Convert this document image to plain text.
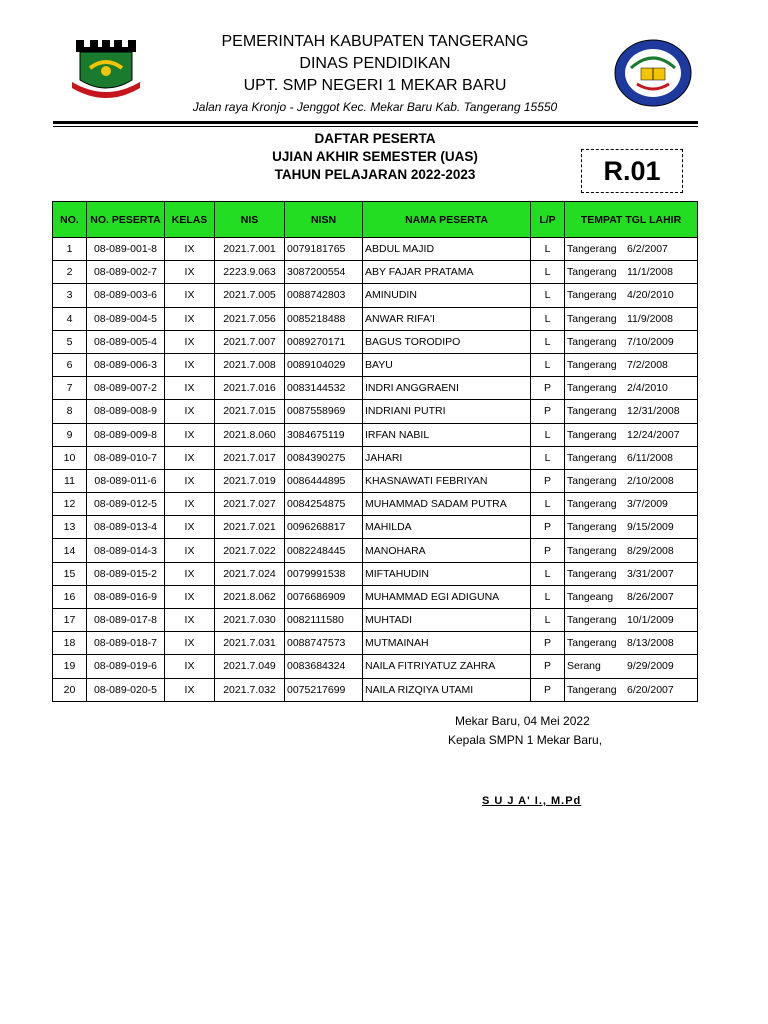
PEMERINTAH KABUPATEN TANGERANG
DINAS PENDIDIKAN
UPT. SMP NEGERI 1 MEKAR BARU
Jalan raya Kronjo - Jenggot Kec. Mekar Baru Kab. Tangerang 15550
DAFTAR PESERTA
UJIAN AKHIR SEMESTER (UAS)
TAHUN PELAJARAN 2022-2023	R.01
NO.	NO. PESERTA	KELAS	NIS	NISN	NAMA PESERTA	L/P	TEMPAT TGL LAHIR
1	08-089-001-8	IX	2021.7.001	0079181765	ABDUL MAJID	L	Tangerang 6/2/2007
2	08-089-002-7	IX	2223.9.063	3087200554	ABY FAJAR PRATAMA	L	Tangerang 11/1/2008
3	08-089-003-6	IX	2021.7.005	0088742803	AMINUDIN	L	Tangerang 4/20/2010
4	08-089-004-5	IX	2021.7.056	0085218488	ANWAR RIFA'I	L	Tangerang 11/9/2008
5	08-089-005-4	IX	2021.7.007	0089270171	BAGUS TORODIPO	L	Tangerang 7/10/2009
6	08-089-006-3	IX	2021.7.008	0089104029	BAYU	L	Tangerang 7/2/2008
7	08-089-007-2	IX	2021.7.016	0083144532	INDRI ANGGRAENI	P	Tangerang 2/4/2010
8	08-089-008-9	IX	2021.7.015	0087558969	INDRIANI PUTRI	P	Tangerang 12/31/2008
9	08-089-009-8	IX	2021.8.060	3084675119	IRFAN NABIL	L	Tangerang 12/24/2007
10	08-089-010-7	IX	2021.7.017	0084390275	JAHARI	L	Tangerang 6/11/2008
11	08-089-011-6	IX	2021.7.019	0086444895	KHASNAWATI FEBRIYAN	P	Tangerang 2/10/2008
12	08-089-012-5	IX	2021.7.027	0084254875	MUHAMMAD SADAM PUTRA	L	Tangerang 3/7/2009
13	08-089-013-4	IX	2021.7.021	0096268817	MAHILDA	P	Tangerang 9/15/2009
14	08-089-014-3	IX	2021.7.022	0082248445	MANOHARA	P	Tangerang 8/29/2008
15	08-089-015-2	IX	2021.7.024	0079991538	MIFTAHUDIN	L	Tangerang 3/31/2007
16	08-089-016-9	IX	2021.8.062	0076686909	MUHAMMAD EGI ADIGUNA	L	Tangeang 8/26/2007
17	08-089-017-8	IX	2021.7.030	0082111580	MUHTADI	L	Tangerang 10/1/2009
18	08-089-018-7	IX	2021.7.031	0088747573	MUTMAINAH	P	Tangerang 8/13/2008
19	08-089-019-6	IX	2021.7.049	0083684324	NAILA FITRIYATUZ ZAHRA	P	Serang 9/29/2009
20	08-089-020-5	IX	2021.7.032	0075217699	NAILA RIZQIYA UTAMI	P	Tangerang 6/20/2007
Mekar Baru, 04 Mei 2022
Kepala SMPN 1 Mekar Baru,
S U J A' I., M.Pd
